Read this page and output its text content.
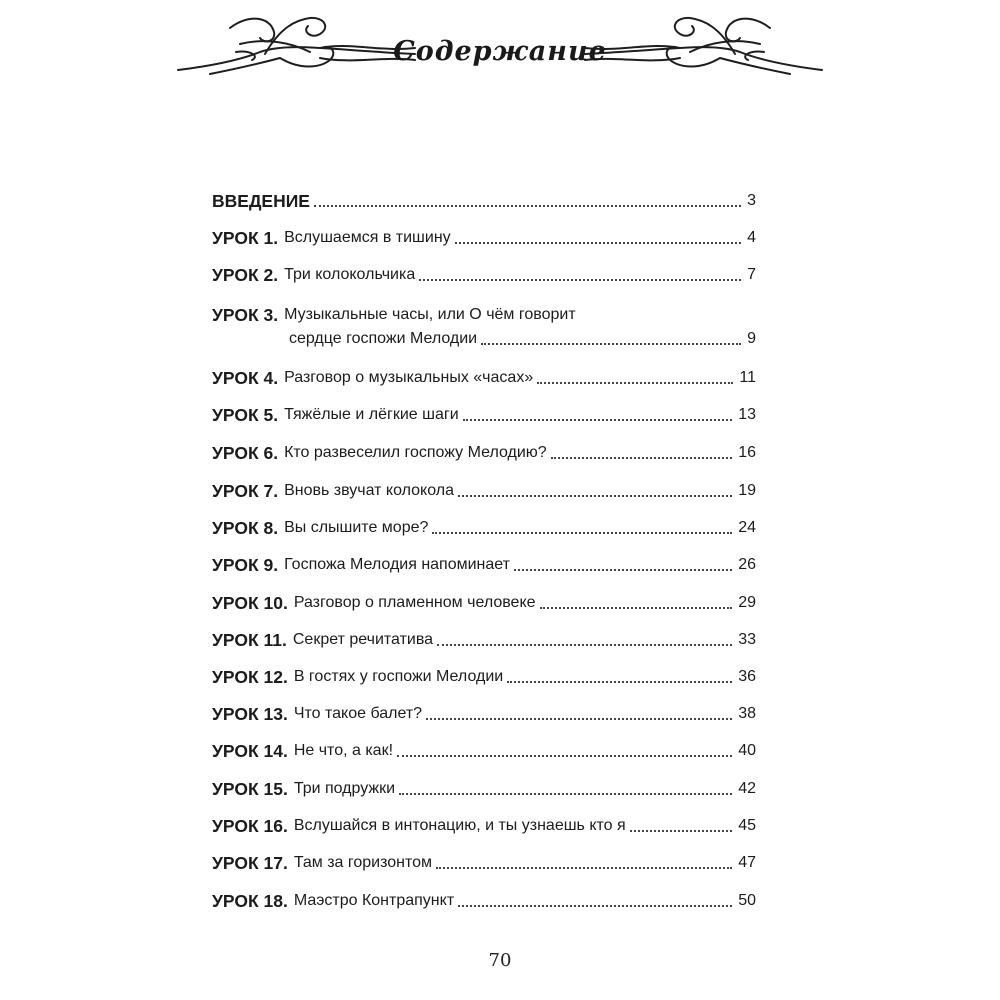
Содержание
ВВЕДЕНИЕ	3
УРОК 1. Вслушаемся в тишину	4
УРОК 2. Три колокольчика	7
УРОК 3. Музыкальные часы, или О чём говорит
сердце госпожи Мелодии	9
УРОК 4. Разговор о музыкальных «часах»	11
УРОК 5. Тяжёлые и лёгкие шаги	13
УРОК 6. Кто развеселил госпожу Мелодию?	16
УРОК 7. Вновь звучат колокола	19
УРОК 8. Вы слышите море?	24
УРОК 9. Госпожа Мелодия напоминает	26
УРОК 10. Разговор о пламенном человеке	29
УРОК 11. Секрет речитатива	33
УРОК 12. В гостях у госпожи Мелодии	36
УРОК 13. Что такое балет?	38
УРОК 14. Не что, а как!	40
УРОК 15. Три подружки	42
УРОК 16. Вслушайся в интонацию, и ты узнаешь кто я	45
УРОК 17. Там за горизонтом	47
УРОК 18. Маэстро Контрапункт	50
70
